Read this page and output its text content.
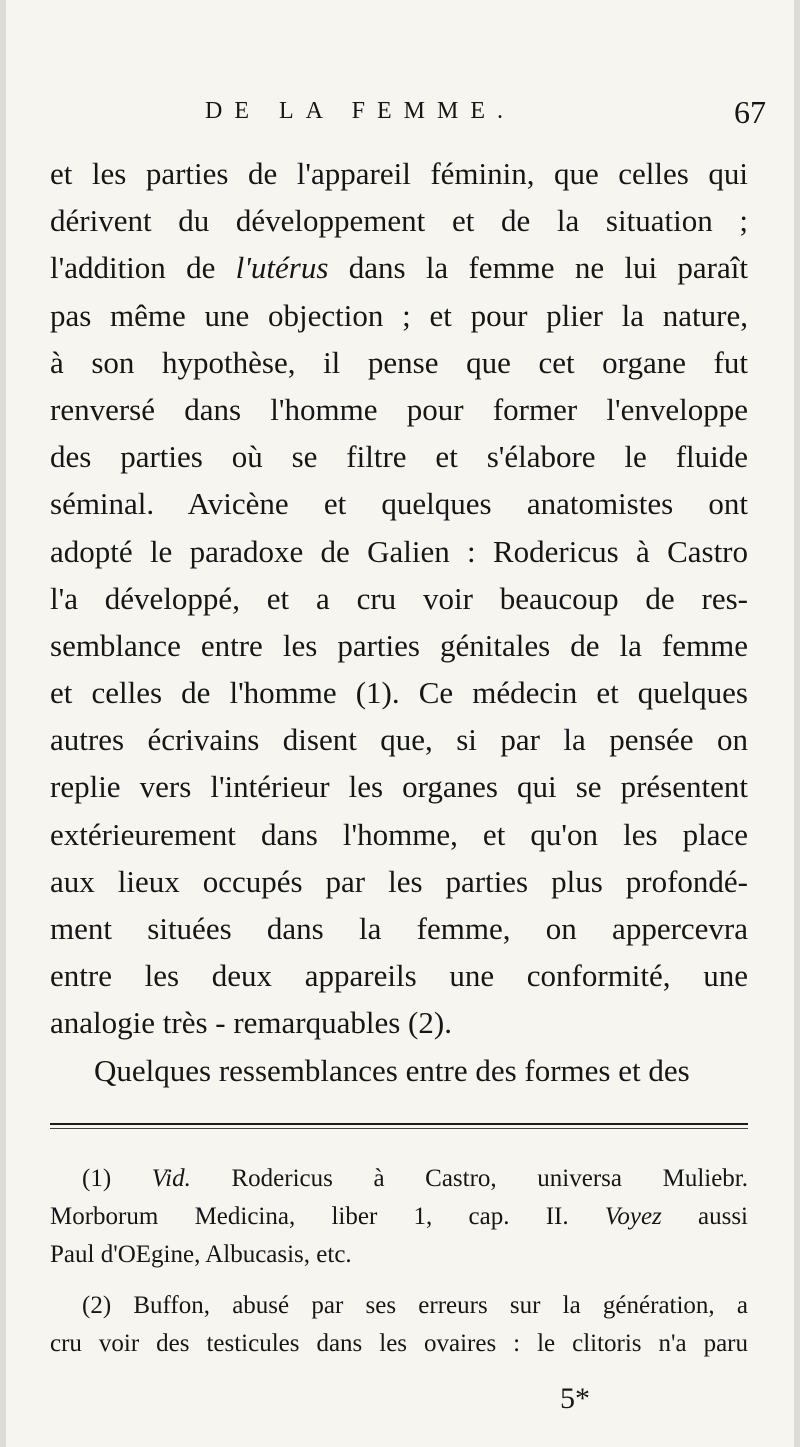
DE LA FEMME.	67
et les parties de l'appareil féminin, que celles qui
dérivent du développement et de la situation ;
l'addition de l'utérus dans la femme ne lui paraît
pas même une objection ; et pour plier la nature,
à son hypothèse, il pense que cet organe fut
renversé dans l'homme pour former l'enveloppe
des parties où se filtre et s'élabore le fluide
séminal. Avicène et quelques anatomistes ont
adopté le paradoxe de Galien : Rodericus à Castro
l'a développé, et a cru voir beaucoup de res-
semblance entre les parties génitales de la femme
et celles de l'homme (1). Ce médecin et quelques
autres écrivains disent que, si par la pensée on
replie vers l'intérieur les organes qui se présentent
extérieurement dans l'homme, et qu'on les place
aux lieux occupés par les parties plus profondé-
ment situées dans la femme, on appercevra
entre les deux appareils une conformité, une
analogie très - remarquables (2).
Quelques ressemblances entre des formes et des
(1) Vid. Rodericus à Castro, universa Muliebr.
Morborum Medicina, liber 1, cap. II. Voyez aussi
Paul d'OEgine, Albucasis, etc.
(2) Buffon, abusé par ses erreurs sur la génération, a
cru voir des testicules dans les ovaires : le clitoris n'a paru
5*
